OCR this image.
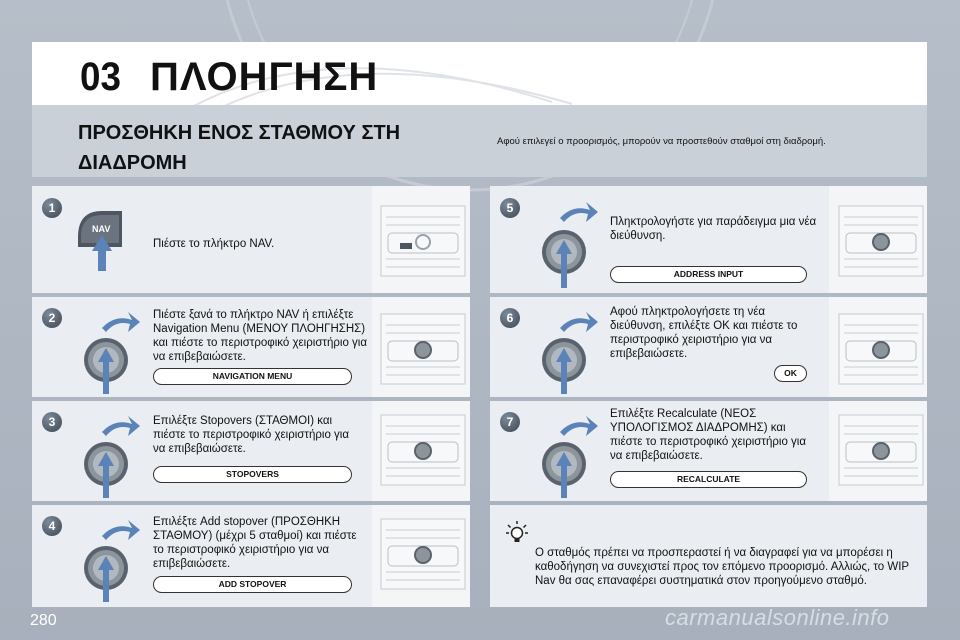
03 ΠΛΟΗΓΗΣΗ
ΠΡΟΣΘΗΚΗ ΕΝΟΣ ΣΤΑΘΜΟΥ ΣΤΗ ΔΙΑΔΡΟΜΗ
Αφού επιλεγεί ο προορισμός, μπορούν να προστεθούν σταθμοί στη διαδρομή.
1
2
3
4
5
6
7
NAV
Πιέστε το πλήκτρο NAV.
Πιέστε ξανά το πλήκτρο NAV ή επιλέξτε Navigation Menu (ΜΕΝΟΥ ΠΛΟΗΓΗΣΗΣ) και πιέστε το περιστροφικό χειριστήριο για να επιβεβαιώσετε.
Επιλέξτε Stopovers (ΣΤΑΘΜΟΙ) και πιέστε το περιστροφικό χειριστήριο για να επιβεβαιώσετε.
Επιλέξτε Add stopover (ΠΡΟΣΘΗΚΗ ΣΤΑΘΜΟΥ) (μέχρι 5 σταθμοί) και πιέστε το περιστροφικό χειριστήριο για να επιβεβαιώσετε.
Πληκτρολογήστε για παράδειγμα μια νέα διεύθυνση.
Αφού πληκτρολογήσετε τη νέα διεύθυνση, επιλέξτε OK και πιέστε το περιστροφικό χειριστήριο για να επιβεβαιώσετε.
Επιλέξτε Recalculate (ΝΕΟΣ ΥΠΟΛΟΓΙΣΜΟΣ ΔΙΑΔΡΟΜΗΣ) και πιέστε το περιστροφικό χειριστήριο για να επιβεβαιώσετε.
NAVIGATION MENU
STOPOVERS
ADD STOPOVER
ADDRESS INPUT
OK
RECALCULATE
Ο σταθμός πρέπει να προσπεραστεί ή να διαγραφεί για να μπορέσει η καθοδήγηση να συνεχιστεί προς τον επόμενο προορισμό. Αλλιώς, το WIP Nav θα σας επαναφέρει συστηματικά στον προηγούμενο σταθμό.
280	carmanualsonline.info
